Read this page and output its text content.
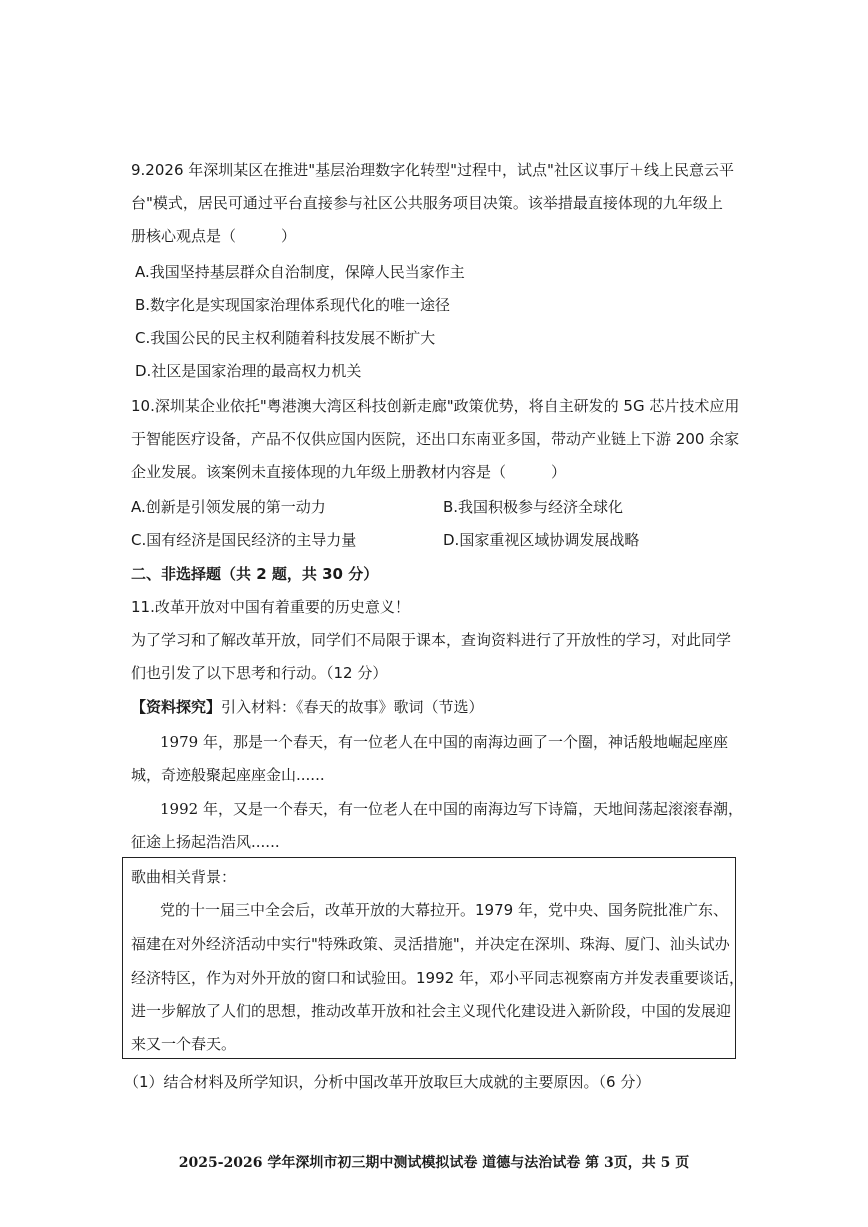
9.2026 年深圳某区在推进"基层治理数字化转型"过程中，试点"社区议事厅＋线上民意云平
台"模式，居民可通过平台直接参与社区公共服务项目决策。该举措最直接体现的九年级上
册核心观点是（　　　）
A.我国坚持基层群众自治制度，保障人民当家作主
B.数字化是实现国家治理体系现代化的唯一途径
C.我国公民的民主权利随着科技发展不断扩大
D.社区是国家治理的最高权力机关
10.深圳某企业依托"粤港澳大湾区科技创新走廊"政策优势，将自主研发的 5G 芯片技术应用
于智能医疗设备，产品不仅供应国内医院，还出口东南亚多国，带动产业链上下游 200 余家
企业发展。该案例未直接体现的九年级上册教材内容是（　　　）
A.创新是引领发展的第一动力	B.我国积极参与经济全球化
C.国有经济是国民经济的主导力量	D.国家重视区域协调发展战略
二、非选择题（共 2 题，共 30 分）
11.改革开放对中国有着重要的历史意义！
为了学习和了解改革开放，同学们不局限于课本，查询资料进行了开放性的学习，对此同学
们也引发了以下思考和行动。（12 分）
【资料探究】引入材料：《春天的故事》歌词（节选）
1979 年，那是一个春天，有一位老人在中国的南海边画了一个圈，神话般地崛起座座
城，奇迹般聚起座座金山......
1992 年，又是一个春天，有一位老人在中国的南海边写下诗篇，天地间荡起滚滚春潮，
征途上扬起浩浩风......
歌曲相关背景：
党的十一届三中全会后，改革开放的大幕拉开。1979 年，党中央、国务院批准广东、
福建在对外经济活动中实行"特殊政策、灵活措施"，并决定在深圳、珠海、厦门、汕头试办
经济特区，作为对外开放的窗口和试验田。1992 年，邓小平同志视察南方并发表重要谈话，
进一步解放了人们的思想，推动改革开放和社会主义现代化建设进入新阶段，中国的发展迎
来又一个春天。
（1）结合材料及所学知识，分析中国改革开放取巨大成就的主要原因。（6 分）
2025-2026 学年深圳市初三期中测试模拟试卷 道德与法治试卷 第 3页，共 5 页
